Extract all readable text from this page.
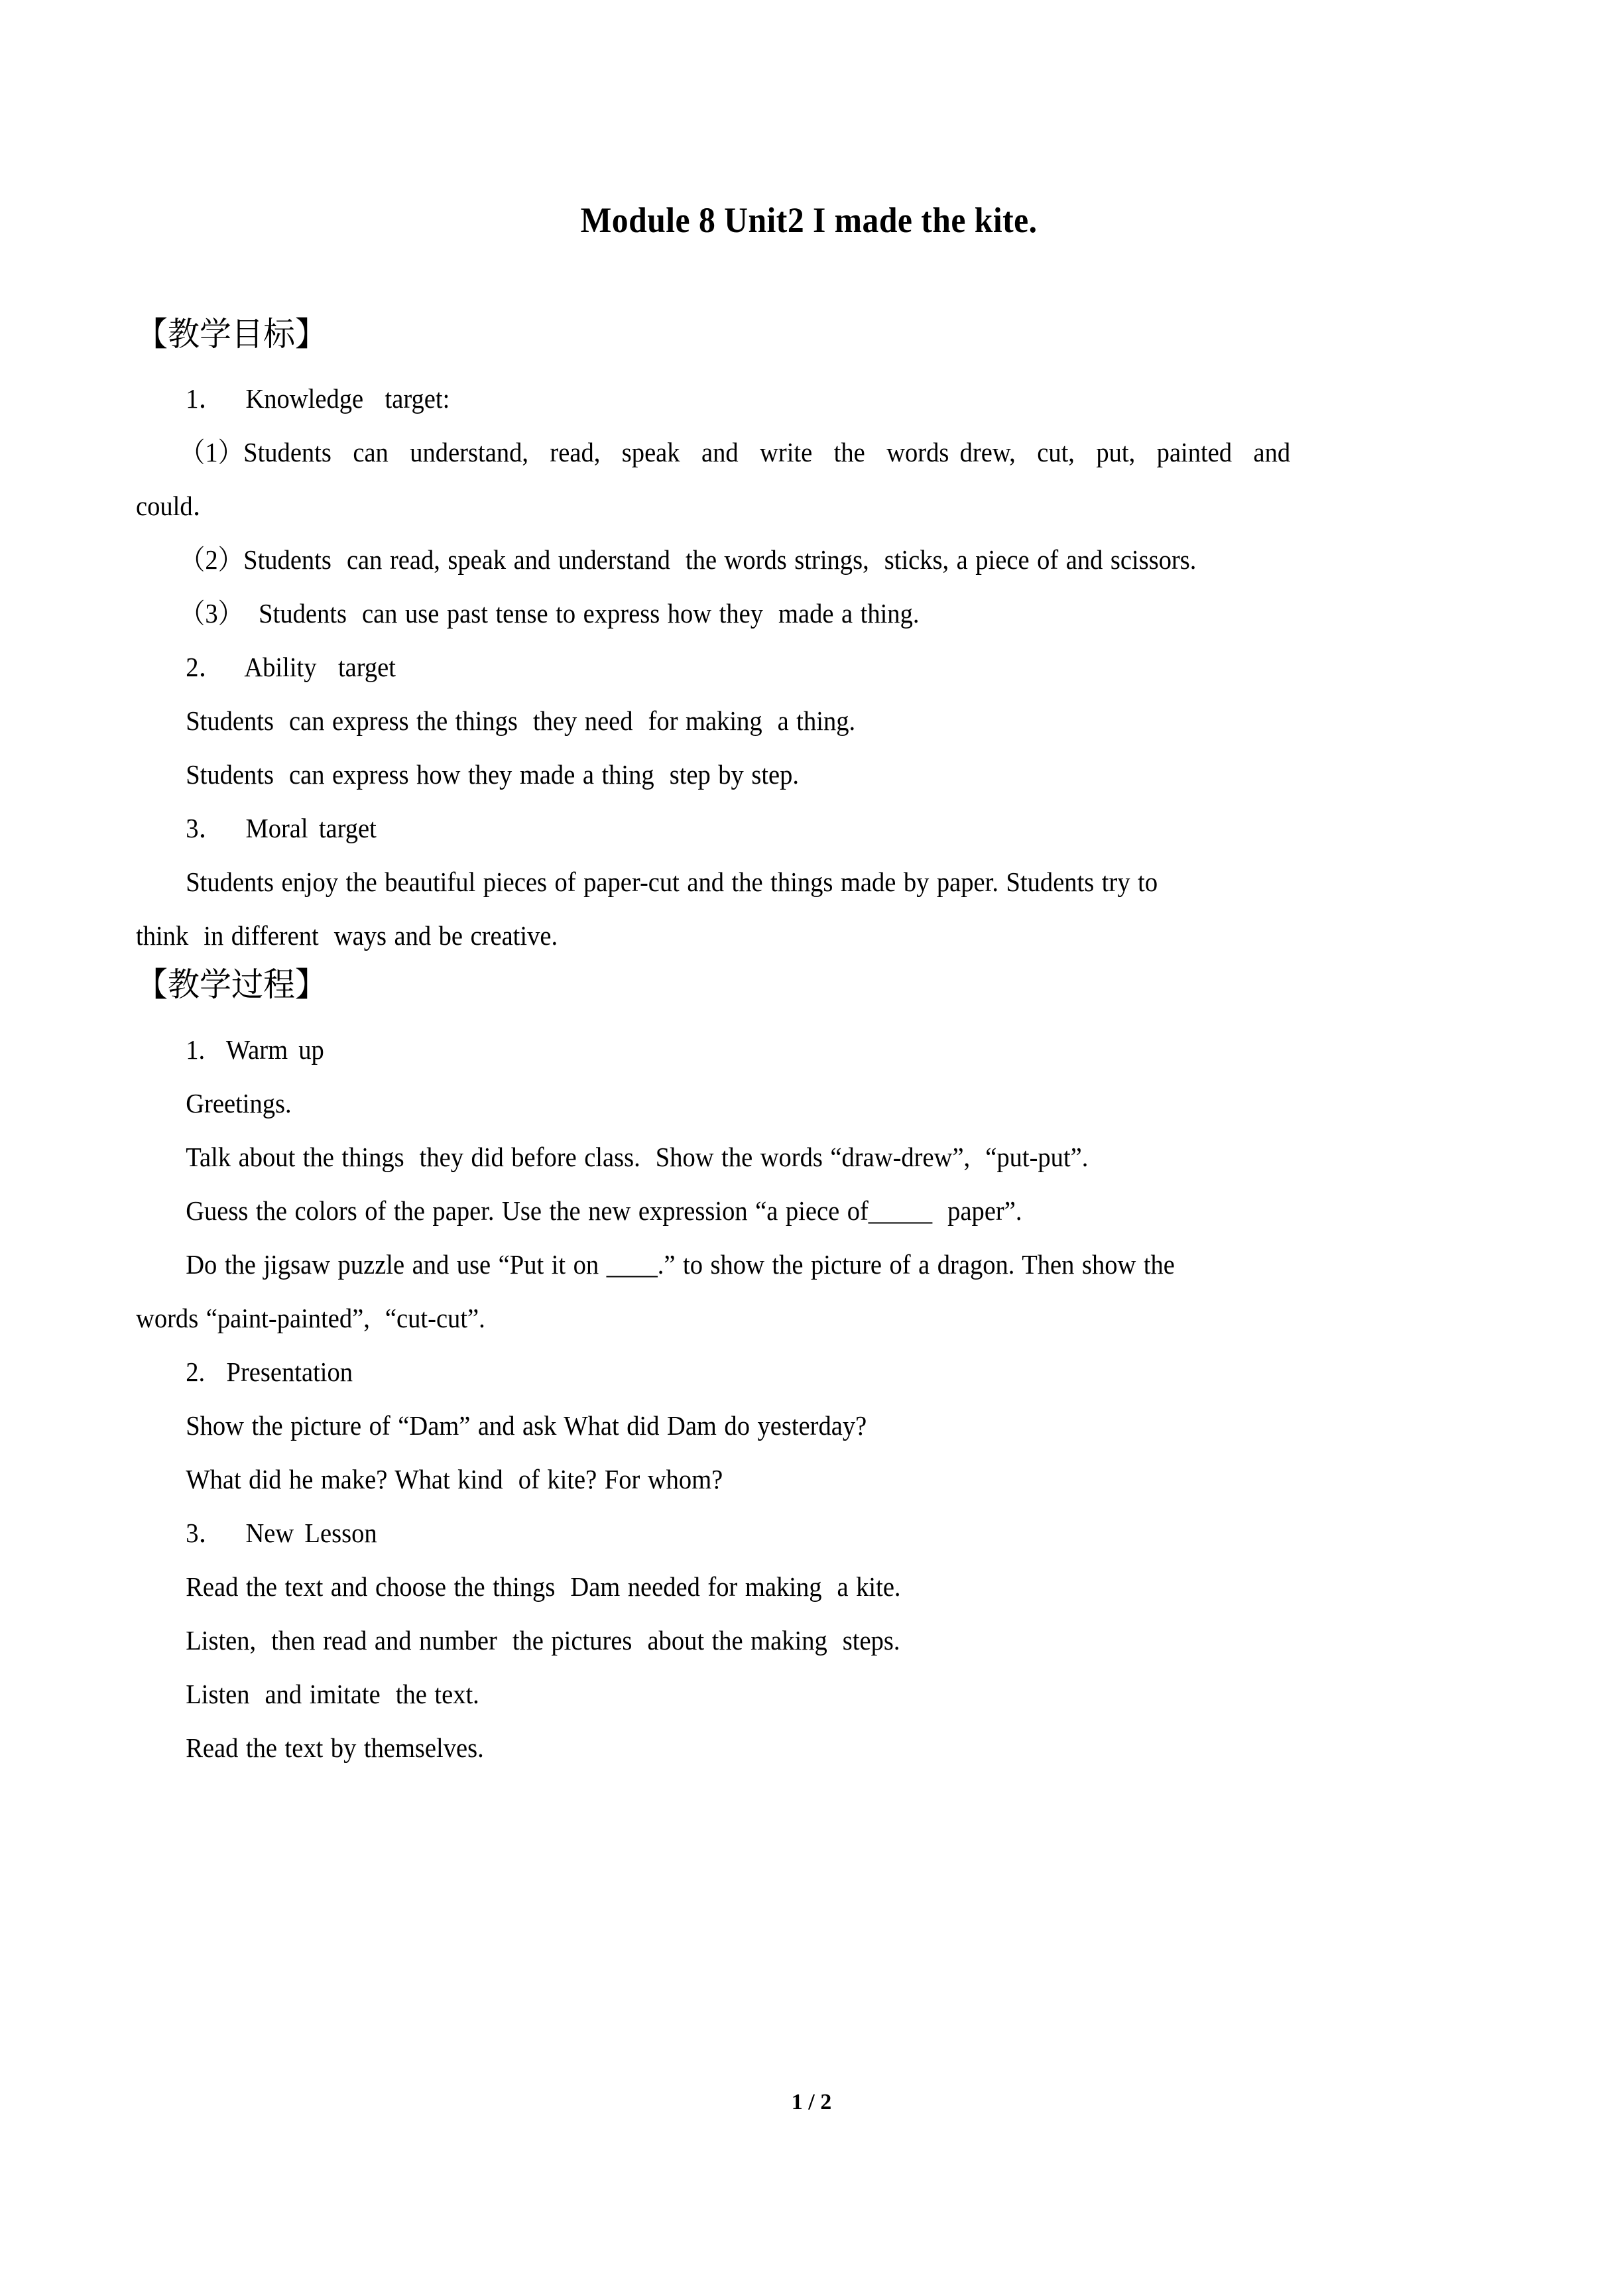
Module 8 Unit2 I made the kite.
【教学目标】

1．  Knowledge  target:

（1）Students  can  understand,  read,  speak  and  write  the  words drew,  cut,  put,  painted  and

could．

（2）Students  can read, speak and understand  the words strings,  sticks, a piece of and scissors.

（3）  Students  can use past tense to express how they  made a thing.

2．  Ability  target

Students  can express the things  they need  for making  a thing.

Students  can express how they made a thing  step by step.

3．  Moral target

Students enjoy the beautiful pieces of paper-cut and the things made by paper. Students try to

think  in different  ways and be creative.

【教学过程】

1.  Warm up

Greetings.

Talk about the things  they did before class.  Show the words “draw-drew”,  “put-put”.

Guess the colors of the paper. Use the new expression “a piece of_____  paper”.

Do the jigsaw puzzle and use “Put it on ____.” to show the picture of a dragon. Then show the

words “paint-painted”,  “cut-cut”.

2.  Presentation

Show the picture of “Dam” and ask What did Dam do yesterday?

What did he make? What kind  of kite? For whom?

3．  New Lesson

Read the text and choose the things  Dam needed for making  a kite.

Listen,  then read and number  the pictures  about the making  steps.

Listen  and imitate  the text.

Read the text by themselves.

1 / 2
